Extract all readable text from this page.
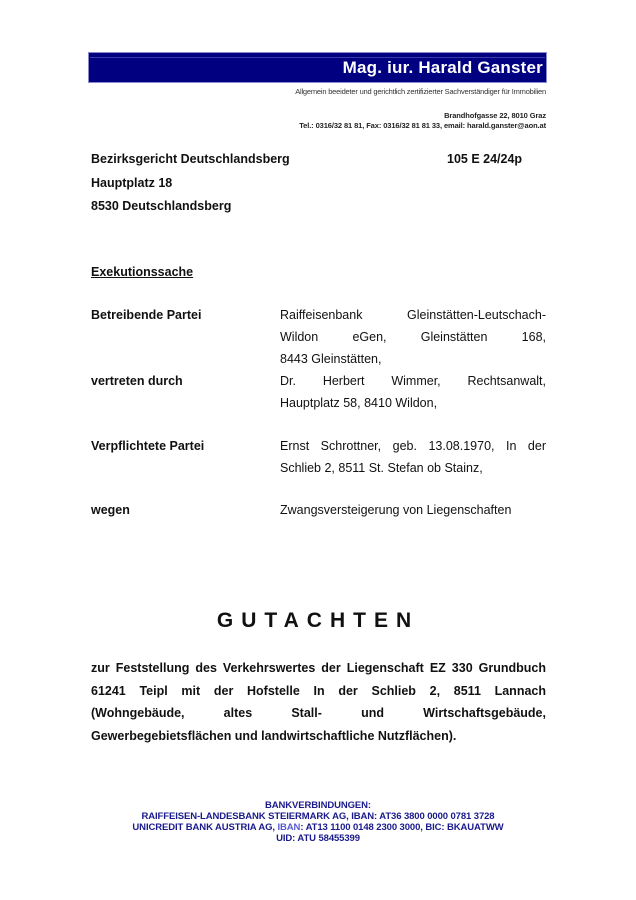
Mag. iur. Harald Ganster
Allgemein beeideter und gerichtlich zertifizierter Sachverständiger für Immobilien
Brandhofgasse 22, 8010 Graz
Tel.: 0316/32 81 81, Fax: 0316/32 81 81 33, email: harald.ganster@aon.at
Bezirksgericht Deutschlandsberg	105 E 24/24p
Hauptplatz 18
8530 Deutschlandsberg
Exekutionssache
Betreibende Partei	Raiffeisenbank Gleinstätten-Leutschach-
Wildon eGen, Gleinstätten 168,
8443 Gleinstätten,
vertreten durch	Dr. Herbert Wimmer, Rechtsanwalt,
Hauptplatz 58, 8410 Wildon,
Verpflichtete Partei	Ernst Schrottner, geb. 13.08.1970, In der
Schlieb 2, 8511 St. Stefan ob Stainz,
wegen	Zwangsversteigerung von Liegenschaften
GUTACHTEN
zur Feststellung des Verkehrswertes der Liegenschaft EZ 330 Grundbuch
61241 Teipl mit der Hofstelle In der Schlieb 2, 8511 Lannach
(Wohngebäude, altes Stall- und Wirtschaftsgebäude,
Gewerbegebietsflächen und landwirtschaftliche Nutzflächen).
BANKVERBINDUNGEN:
RAIFFEISEN-LANDESBANK STEIERMARK AG, IBAN: AT36 3800 0000 0781 3728
UNICREDIT BANK AUSTRIA AG, IBAN: AT13 1100 0148 2300 3000, BIC: BKAUATWW
UID: ATU 58455399
